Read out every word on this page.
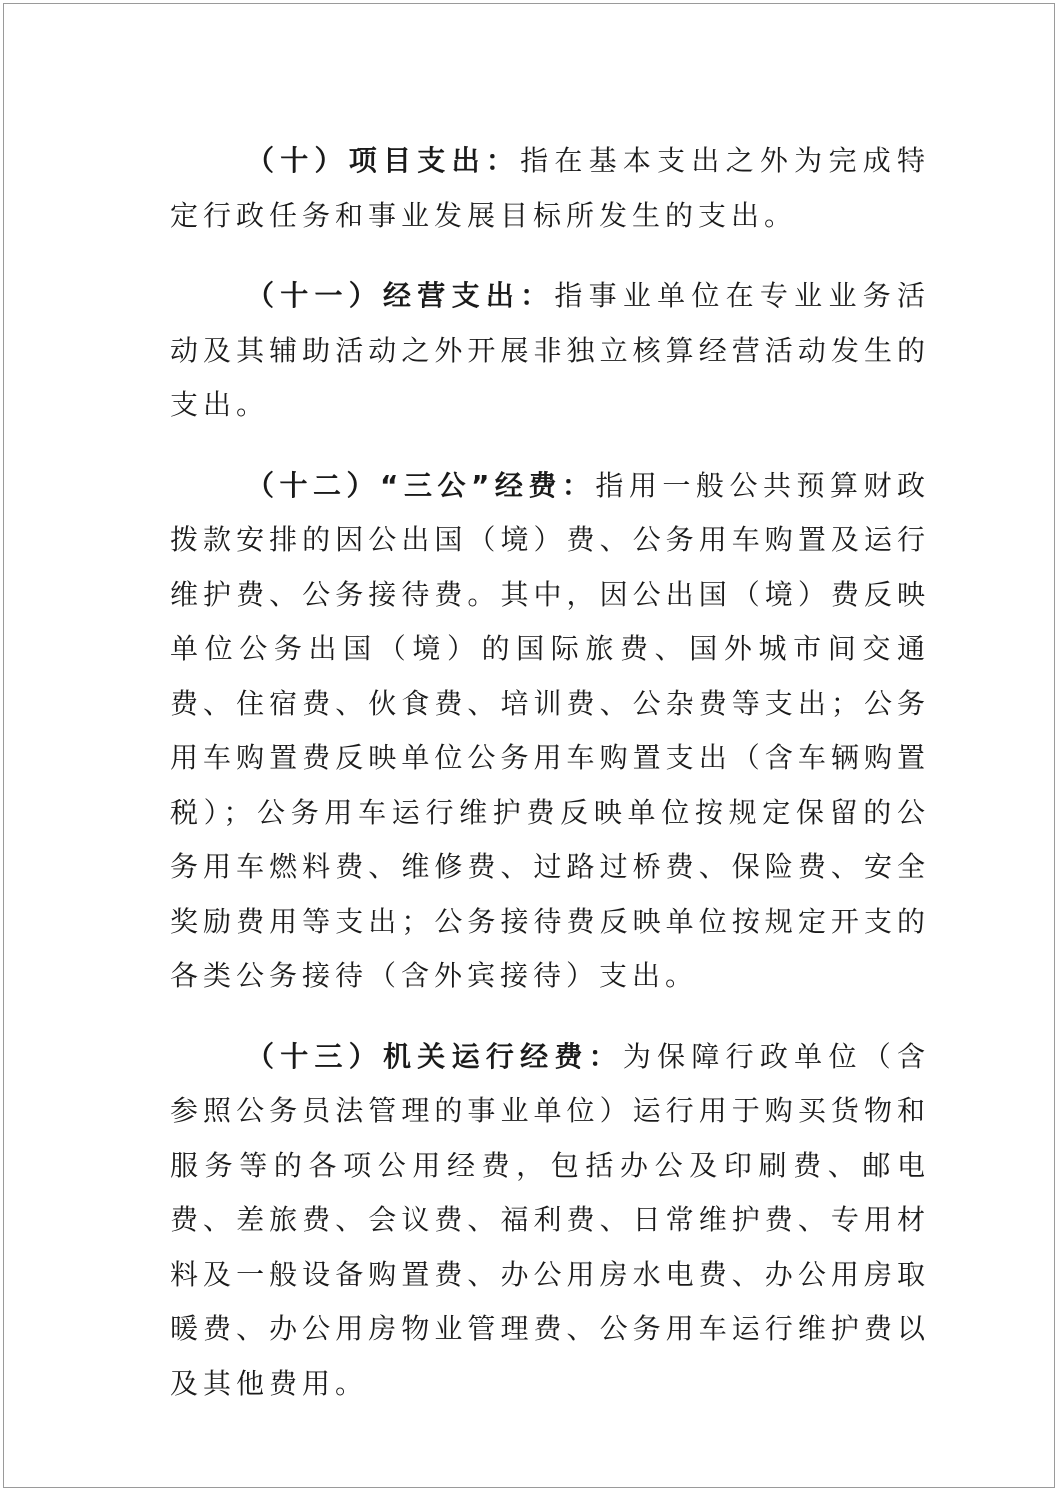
（十）项目支出：指在基本支出之外为完成特定行政任务和事业发展目标所发生的支出。

（十一）经营支出：指事业单位在专业业务活动及其辅助活动之外开展非独立核算经营活动发生的支出。

（十二）“三公”经费：指用一般公共预算财政拨款安排的因公出国（境）费、公务用车购置及运行维护费、公务接待费。其中，因公出国（境）费反映单位公务出国（境）的国际旅费、国外城市间交通费、住宿费、伙食费、培训费、公杂费等支出；公务用车购置费反映单位公务用车购置支出（含车辆购置税）；公务用车运行维护费反映单位按规定保留的公务用车燃料费、维修费、过路过桥费、保险费、安全奖励费用等支出；公务接待费反映单位按规定开支的各类公务接待（含外宾接待）支出。

（十三）机关运行经费：为保障行政单位（含参照公务员法管理的事业单位）运行用于购买货物和服务等的各项公用经费，包括办公及印刷费、邮电费、差旅费、会议费、福利费、日常维护费、专用材料及一般设备购置费、办公用房水电费、办公用房取暖费、办公用房物业管理费、公务用车运行维护费以及其他费用。
